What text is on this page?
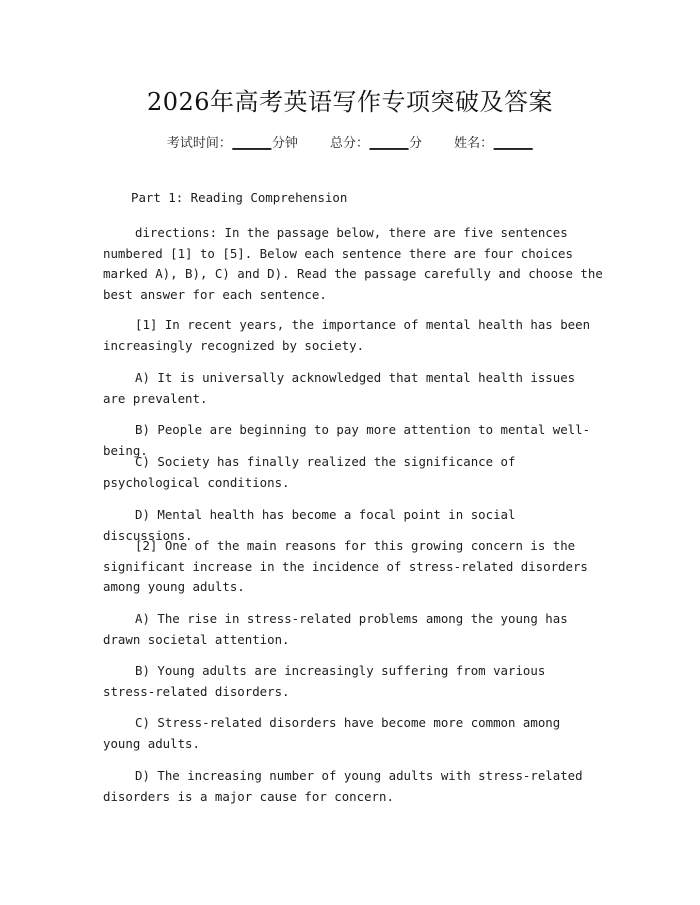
2026年高考英语写作专项突破及答案
考试时间：______分钟 总分：______分 姓名：______
Part 1: Reading Comprehension
directions: In the passage below, there are five sentences numbered [1] to [5]. Below each sentence there are four choices marked A), B), C) and D). Read the passage carefully and choose the best answer for each sentence.
[1] In recent years, the importance of mental health has been increasingly recognized by society.
A) It is universally acknowledged that mental health issues are prevalent.
B) People are beginning to pay more attention to mental well-being.
C) Society has finally realized the significance of psychological conditions.
D) Mental health has become a focal point in social discussions.
[2] One of the main reasons for this growing concern is the significant increase in the incidence of stress-related disorders among young adults.
A) The rise in stress-related problems among the young has drawn societal attention.
B) Young adults are increasingly suffering from various stress-related disorders.
C) Stress-related disorders have become more common among young adults.
D) The increasing number of young adults with stress-related disorders is a major cause for concern.
